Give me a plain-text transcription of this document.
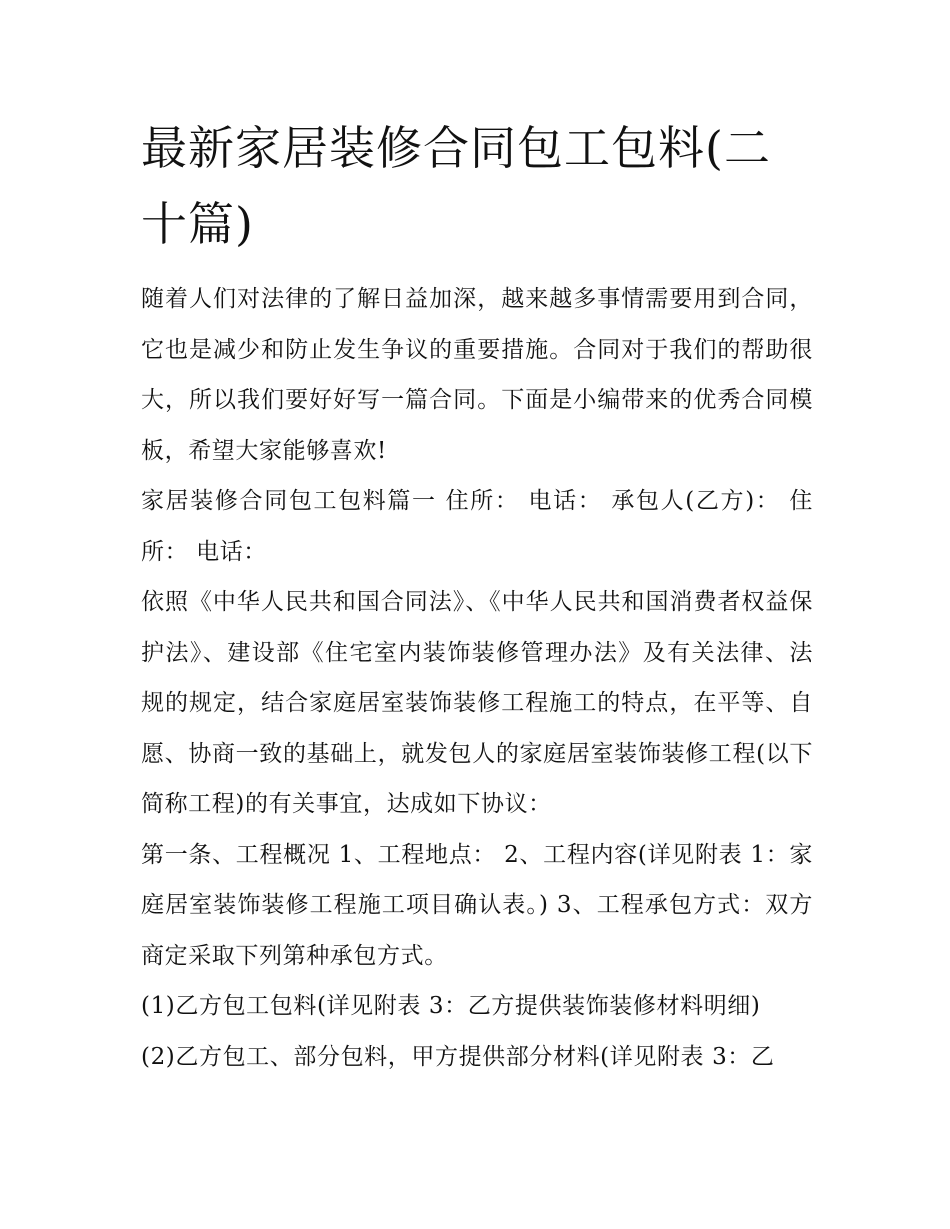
最新家居装修合同包工包料(二十篇)

随着人们对法律的了解日益加深，越来越多事情需要用到合同，它也是减少和防止发生争议的重要措施。合同对于我们的帮助很大，所以我们要好好写一篇合同。下面是小编带来的优秀合同模板，希望大家能够喜欢!

家居装修合同包工包料篇一 住所： 电话： 承包人(乙方)： 住所： 电话：

依照《中华人民共和国合同法》、《中华人民共和国消费者权益保护法》、建设部《住宅室内装饰装修管理办法》及有关法律、法规的规定，结合家庭居室装饰装修工程施工的特点，在平等、自愿、协商一致的基础上，就发包人的家庭居室装饰装修工程(以下简称工程)的有关事宜，达成如下协议：

第一条、工程概况 1、工程地点： 2、工程内容(详见附表 1：家庭居室装饰装修工程施工项目确认表。) 3、工程承包方式：双方商定采取下列第种承包方式。

(1)乙方包工包料(详见附表 3：乙方提供装饰装修材料明细)

(2)乙方包工、部分包料，甲方提供部分材料(详见附表 3：乙
